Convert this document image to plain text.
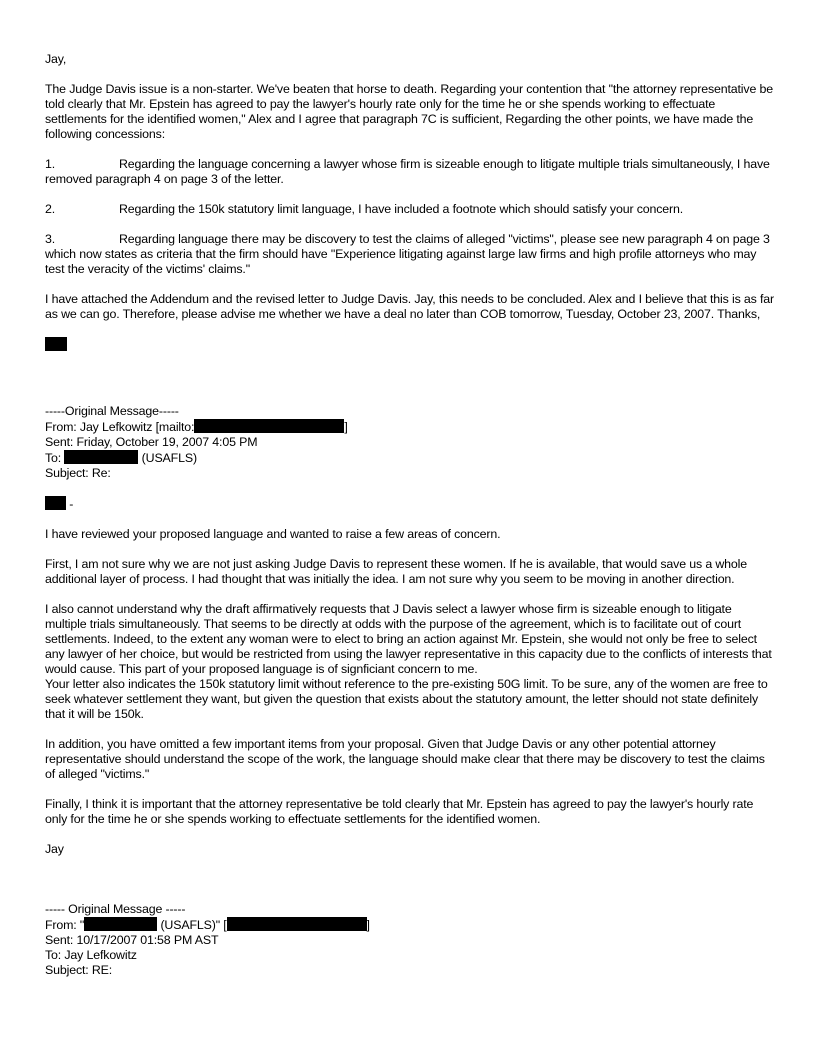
Jay,

The Judge Davis issue is a non-starter. We've beaten that horse to death. Regarding your contention that "the attorney representative be told clearly that Mr. Epstein has agreed to pay the lawyer's hourly rate only for the time he or she spends working to effectuate settlements for the identified women," Alex and I agree that paragraph 7C is sufficient, Regarding the other points, we have made the following concessions:

1.	Regarding the language concerning a lawyer whose firm is sizeable enough to litigate multiple trials simultaneously, I have removed paragraph 4 on page 3 of the letter.

2.	Regarding the 150k statutory limit language, I have included a footnote which should satisfy your concern.

3.	Regarding language there may be discovery to test the claims of alleged "victims", please see new paragraph 4 on page 3 which now states as criteria that the firm should have "Experience litigating against large law firms and high profile attorneys who may test the veracity of the victims' claims."

I have attached the Addendum and the revised letter to Judge Davis. Jay, this needs to be concluded. Alex and I believe that this is as far as we can go. Therefore, please advise me whether we have a deal no later than COB tomorrow, Tuesday, October 23, 2007. Thanks,

-----Original Message-----

From: Jay Lefkowitz [mailto:	]

Sent: Friday, October 19, 2007 4:05 PM

To:	(USAFLS)

Subject: Re:

-

I have reviewed your proposed language and wanted to raise a few areas of concern.

First, I am not sure why we are not just asking Judge Davis to represent these women. If he is available, that would save us a whole additional layer of process. I had thought that was initially the idea. I am not sure why you seem to be moving in another direction.

I also cannot understand why the draft affirmatively requests that J Davis select a lawyer whose firm is sizeable enough to litigate multiple trials simultaneously. That seems to be directly at odds with the purpose of the agreement, which is to facilitate out of court settlements. Indeed, to the extent any woman were to elect to bring an action against Mr. Epstein, she would not only be free to select any lawyer of her choice, but would be restricted from using the lawyer representative in this capacity due to the conflicts of interests that would cause. This part of your proposed language is of signficiant concern to me.

Your letter also indicates the 150k statutory limit without reference to the pre-existing 50G limit. To be sure, any of the women are free to seek whatever settlement they want, but given the question that exists about the statutory amount, the letter should not state definitely that it will be 150k.

In addition, you have omitted a few important items from your proposal. Given that Judge Davis or any other potential attorney representative should understand the scope of the work, the language should make clear that there may be discovery to test the claims of alleged "victims."

Finally, I think it is important that the attorney representative be told clearly that Mr. Epstein has agreed to pay the lawyer's hourly rate only for the time he or she spends working to effectuate settlements for the identified women.

Jay

----- Original Message -----

From: "	(USAFLS)" [	]

Sent: 10/17/2007 01:58 PM AST

To: Jay Lefkowitz

Subject: RE:
